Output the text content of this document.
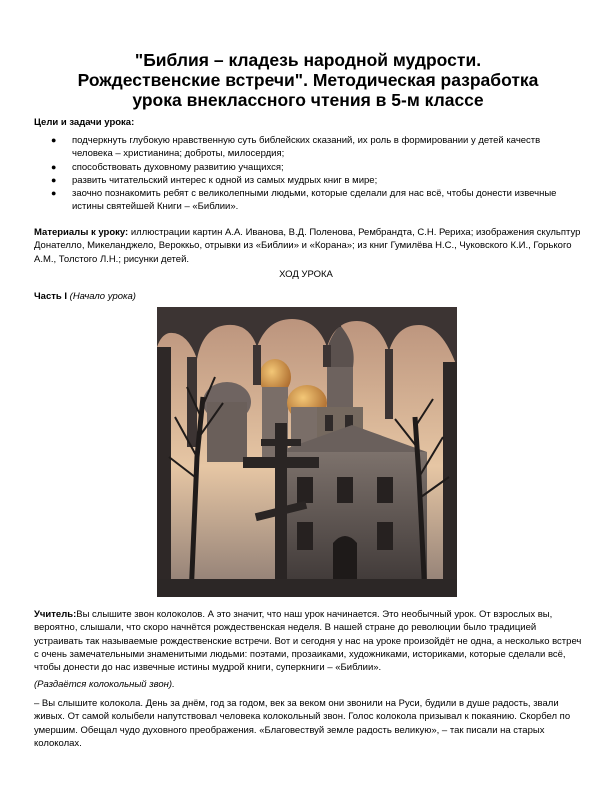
"Библия – кладезь народной мудрости.
Рождественские встречи". Методическая разработка
урока внеклассного чтения в 5-м классе
Цели и задачи урока:
● подчеркнуть глубокую нравственную суть библейских сказаний, их роль в формировании у детей качеств человека – христианина; доброты, милосердия;
● способствовать духовному развитию учащихся;
● развить читательский интерес к одной из самых мудрых книг в мире;
● заочно познакомить ребят с великолепными людьми, которые сделали для нас всё, чтобы донести извечные истины святейшей Книги – «Библии».
Материалы к уроку: иллюстрации картин А.А. Иванова, В.Д. Поленова, Рембрандта, С.Н. Рериха; изображения скульптур Донателло, Микеланджело, Вероккьо, отрывки из «Библии» и «Корана»; из книг Гумилёва Н.С., Чуковского К.И., Горького А.М., Толстого Л.Н.; рисунки детей.
ХОД УРОКА
Часть I (Начало урока)
Учитель:Вы слышите звон колоколов. А это значит, что наш урок начинается. Это необычный урок. От взрослых вы, вероятно, слышали, что скоро начнётся рождественская неделя. В нашей стране до революции было традицией устраивать так называемые рождественские встречи. Вот и сегодня у нас на уроке произойдёт не одна, а несколько встреч с очень замечательными знаменитыми людьми: поэтами, прозаиками, художниками, историками, которые сделали всё, чтобы донести до нас извечные истины мудрой книги, суперкниги – «Библии».
(Раздаётся колокольный звон).
– Вы слышите колокола. День за днём, год за годом, век за веком они звонили на Руси, будили в душе радость, звали живых. От самой колыбели напутствовал человека колокольный звон. Голос колокола призывал к покаянию. Скорбел по умершим. Обещал чудо духовного преображения. «Благовествуй земле радость великую», – так писали на старых колоколах.
